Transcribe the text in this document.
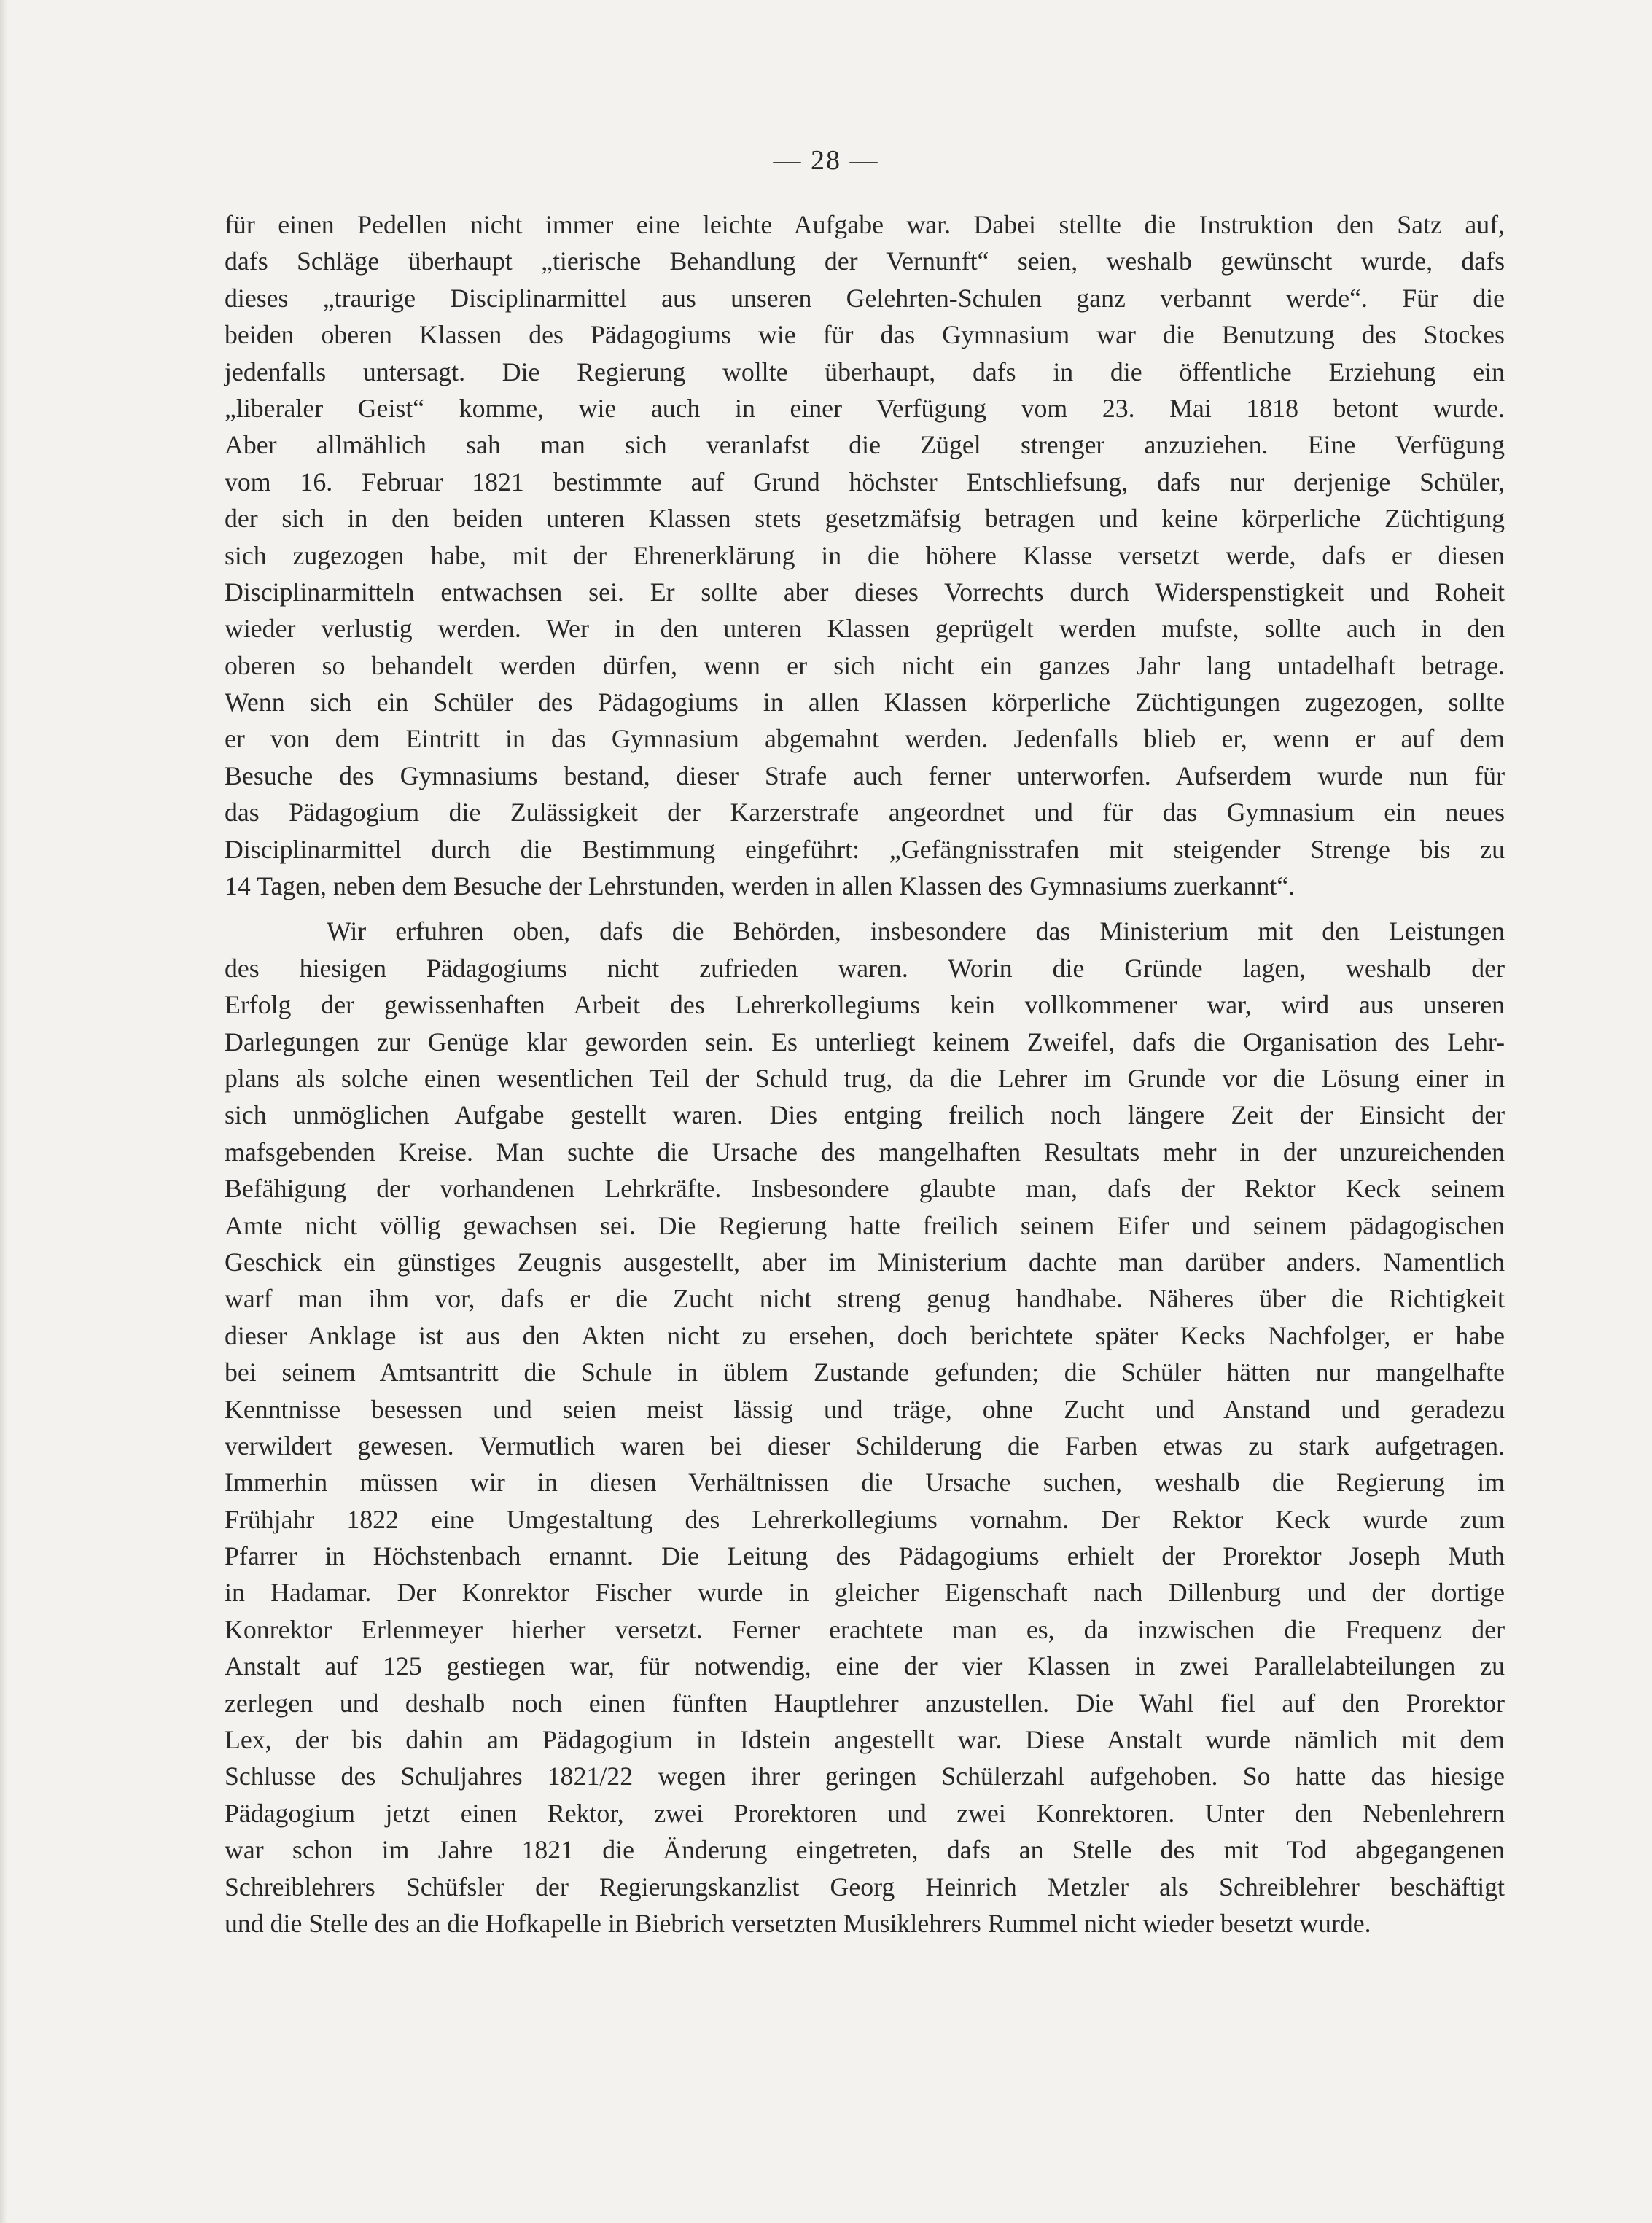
— 28 —
für einen Pedellen nicht immer eine leichte Aufgabe war. Dabei stellte die Instruktion den Satz auf,
dafs Schläge überhaupt „tierische Behandlung der Vernunft“ seien, weshalb gewünscht wurde, dafs
dieses „traurige Disciplinarmittel aus unseren Gelehrten-Schulen ganz verbannt werde“. Für die
beiden oberen Klassen des Pädagogiums wie für das Gymnasium war die Benutzung des Stockes
jedenfalls untersagt. Die Regierung wollte überhaupt, dafs in die öffentliche Erziehung ein
„liberaler Geist“ komme, wie auch in einer Verfügung vom 23. Mai 1818 betont wurde.
Aber allmählich sah man sich veranlafst die Zügel strenger anzuziehen. Eine Verfügung
vom 16. Februar 1821 bestimmte auf Grund höchster Entschliefsung, dafs nur derjenige Schüler,
der sich in den beiden unteren Klassen stets gesetzmäfsig betragen und keine körperliche Züchtigung
sich zugezogen habe, mit der Ehrenerklärung in die höhere Klasse versetzt werde, dafs er diesen
Disciplinarmitteln entwachsen sei. Er sollte aber dieses Vorrechts durch Widerspenstigkeit und Roheit
wieder verlustig werden. Wer in den unteren Klassen geprügelt werden mufste, sollte auch in den
oberen so behandelt werden dürfen, wenn er sich nicht ein ganzes Jahr lang untadelhaft betrage.
Wenn sich ein Schüler des Pädagogiums in allen Klassen körperliche Züchtigungen zugezogen, sollte
er von dem Eintritt in das Gymnasium abgemahnt werden. Jedenfalls blieb er, wenn er auf dem
Besuche des Gymnasiums bestand, dieser Strafe auch ferner unterworfen. Aufserdem wurde nun für
das Pädagogium die Zulässigkeit der Karzerstrafe angeordnet und für das Gymnasium ein neues
Disciplinarmittel durch die Bestimmung eingeführt: „Gefängnisstrafen mit steigender Strenge bis zu
14 Tagen, neben dem Besuche der Lehrstunden, werden in allen Klassen des Gymnasiums zuerkannt“.
Wir erfuhren oben, dafs die Behörden, insbesondere das Ministerium mit den Leistungen
des hiesigen Pädagogiums nicht zufrieden waren. Worin die Gründe lagen, weshalb der
Erfolg der gewissenhaften Arbeit des Lehrerkollegiums kein vollkommener war, wird aus unseren
Darlegungen zur Genüge klar geworden sein. Es unterliegt keinem Zweifel, dafs die Organisation des Lehr-
plans als solche einen wesentlichen Teil der Schuld trug, da die Lehrer im Grunde vor die Lösung einer in
sich unmöglichen Aufgabe gestellt waren. Dies entging freilich noch längere Zeit der Einsicht der
mafsgebenden Kreise. Man suchte die Ursache des mangelhaften Resultats mehr in der unzureichenden
Befähigung der vorhandenen Lehrkräfte. Insbesondere glaubte man, dafs der Rektor Keck seinem
Amte nicht völlig gewachsen sei. Die Regierung hatte freilich seinem Eifer und seinem pädagogischen
Geschick ein günstiges Zeugnis ausgestellt, aber im Ministerium dachte man darüber anders. Namentlich
warf man ihm vor, dafs er die Zucht nicht streng genug handhabe. Näheres über die Richtigkeit
dieser Anklage ist aus den Akten nicht zu ersehen, doch berichtete später Kecks Nachfolger, er habe
bei seinem Amtsantritt die Schule in üblem Zustande gefunden; die Schüler hätten nur mangelhafte
Kenntnisse besessen und seien meist lässig und träge, ohne Zucht und Anstand und geradezu
verwildert gewesen. Vermutlich waren bei dieser Schilderung die Farben etwas zu stark aufgetragen.
Immerhin müssen wir in diesen Verhältnissen die Ursache suchen, weshalb die Regierung im
Frühjahr 1822 eine Umgestaltung des Lehrerkollegiums vornahm. Der Rektor Keck wurde zum
Pfarrer in Höchstenbach ernannt. Die Leitung des Pädagogiums erhielt der Prorektor Joseph Muth
in Hadamar. Der Konrektor Fischer wurde in gleicher Eigenschaft nach Dillenburg und der dortige
Konrektor Erlenmeyer hierher versetzt. Ferner erachtete man es, da inzwischen die Frequenz der
Anstalt auf 125 gestiegen war, für notwendig, eine der vier Klassen in zwei Parallelabteilungen zu
zerlegen und deshalb noch einen fünften Hauptlehrer anzustellen. Die Wahl fiel auf den Prorektor
Lex, der bis dahin am Pädagogium in Idstein angestellt war. Diese Anstalt wurde nämlich mit dem
Schlusse des Schuljahres 1821/22 wegen ihrer geringen Schülerzahl aufgehoben. So hatte das hiesige
Pädagogium jetzt einen Rektor, zwei Prorektoren und zwei Konrektoren. Unter den Nebenlehrern
war schon im Jahre 1821 die Änderung eingetreten, dafs an Stelle des mit Tod abgegangenen
Schreiblehrers Schüfsler der Regierungskanzlist Georg Heinrich Metzler als Schreiblehrer beschäftigt
und die Stelle des an die Hofkapelle in Biebrich versetzten Musiklehrers Rummel nicht wieder besetzt wurde.
